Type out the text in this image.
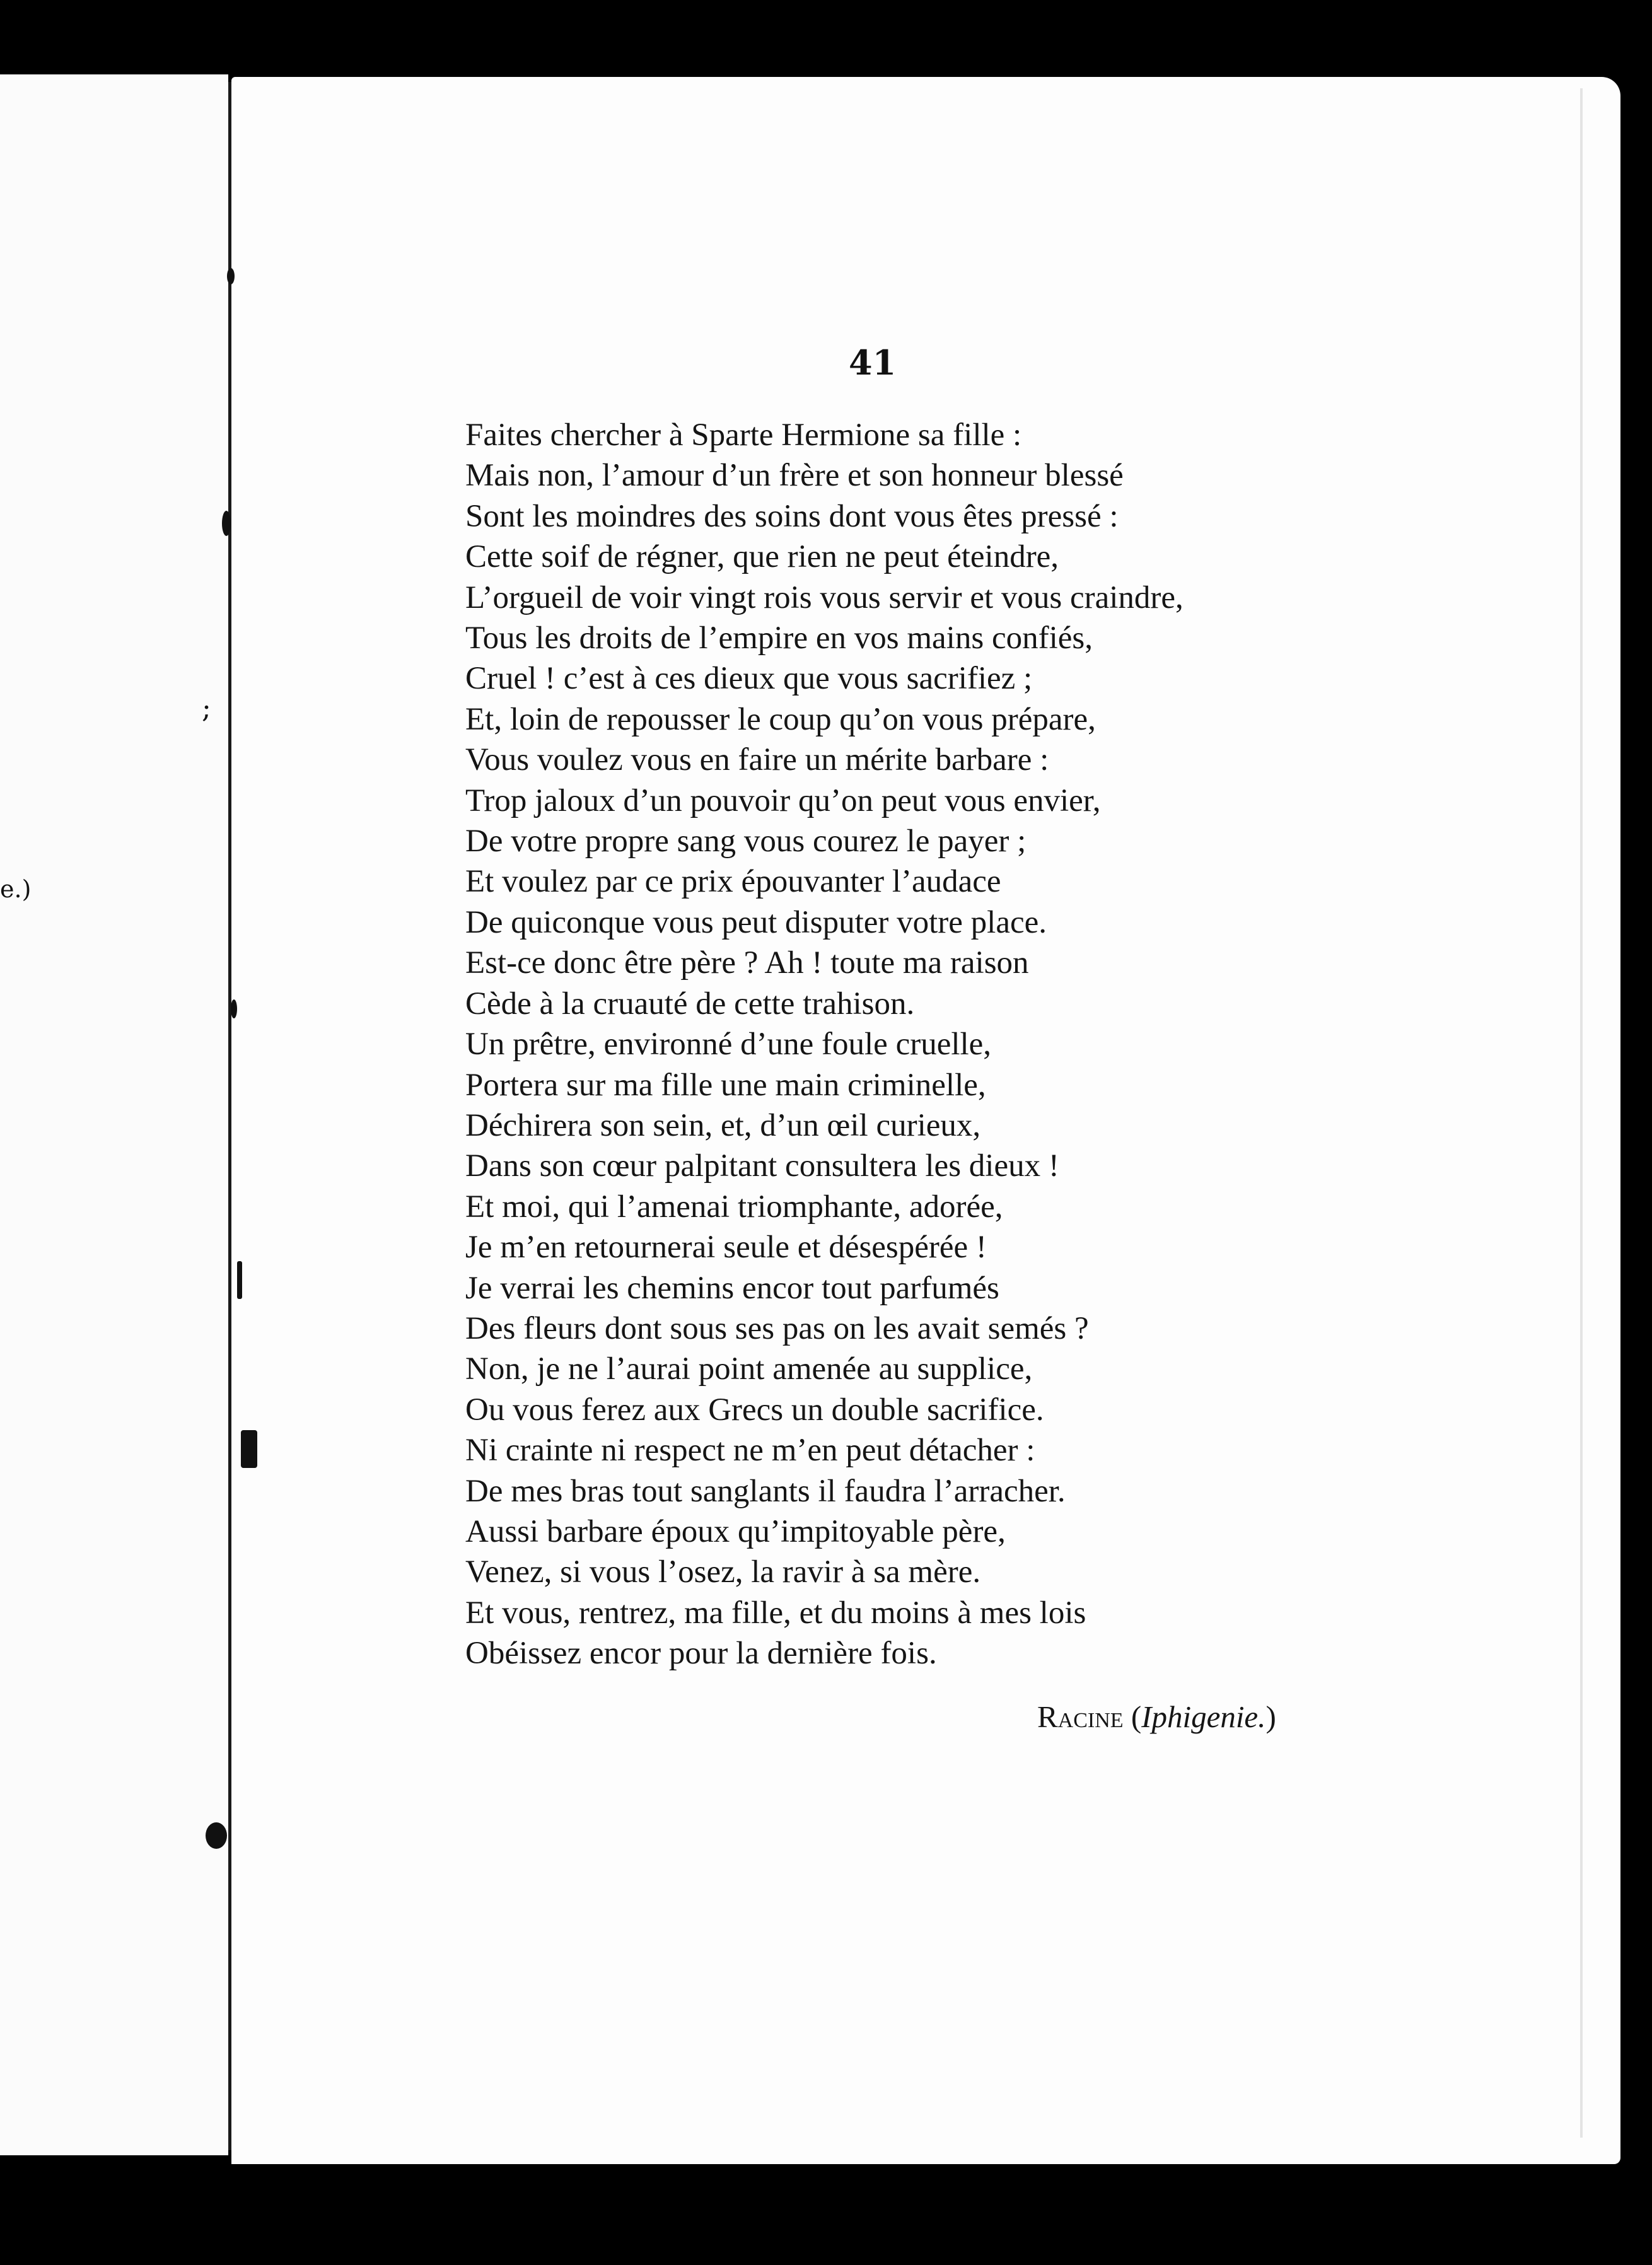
;
e.)
41
Faites chercher à Sparte Hermione sa fille :
Mais non, l’amour d’un frère et son honneur blessé
Sont les moindres des soins dont vous êtes pressé :
Cette soif de régner, que rien ne peut éteindre,
L’orgueil de voir vingt rois vous servir et vous craindre,
Tous les droits de l’empire en vos mains confiés,
Cruel ! c’est à ces dieux que vous sacrifiez ;
Et, loin de repousser le coup qu’on vous prépare,
Vous voulez vous en faire un mérite barbare :
Trop jaloux d’un pouvoir qu’on peut vous envier,
De votre propre sang vous courez le payer ;
Et voulez par ce prix épouvanter l’audace
De quiconque vous peut disputer votre place.
Est-ce donc être père ? Ah ! toute ma raison
Cède à la cruauté de cette trahison.
Un prêtre, environné d’une foule cruelle,
Portera sur ma fille une main criminelle,
Déchirera son sein, et, d’un œil curieux,
Dans son cœur palpitant consultera les dieux !
Et moi, qui l’amenai triomphante, adorée,
Je m’en retournerai seule et désespérée !
Je verrai les chemins encor tout parfumés
Des fleurs dont sous ses pas on les avait semés ?
Non, je ne l’aurai point amenée au supplice,
Ou vous ferez aux Grecs un double sacrifice.
Ni crainte ni respect ne m’en peut détacher :
De mes bras tout sanglants il faudra l’arracher.
Aussi barbare époux qu’impitoyable père,
Venez, si vous l’osez, la ravir à sa mère.
Et vous, rentrez, ma fille, et du moins à mes lois
Obéissez encor pour la dernière fois.
Racine (Iphigenie.)
